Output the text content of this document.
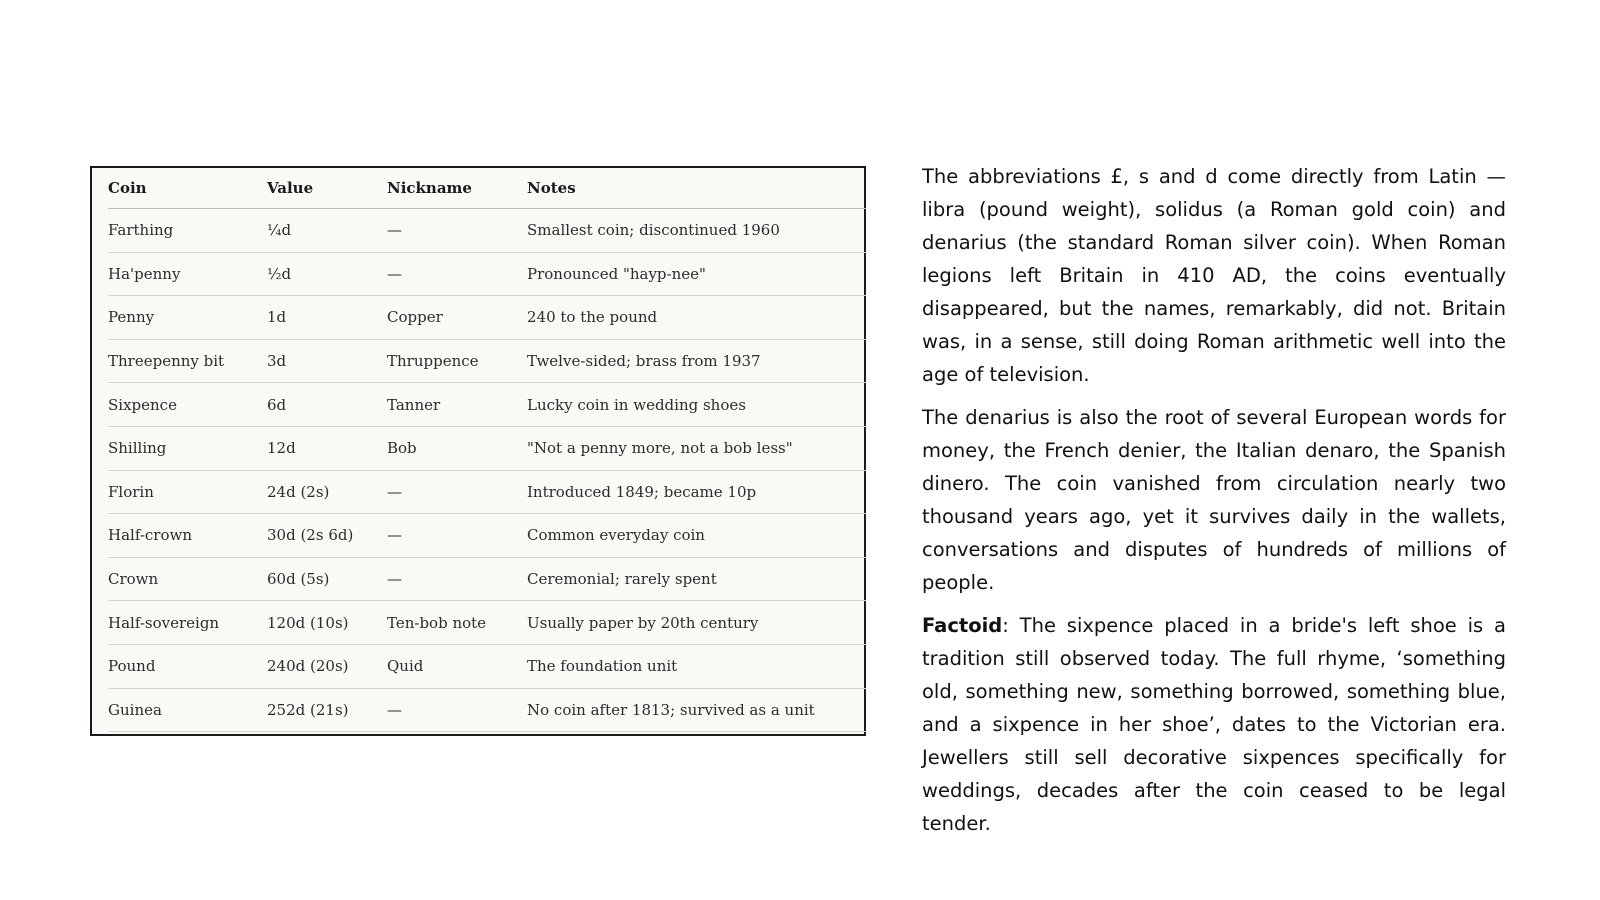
Coin	Value	Nickname	Notes
Farthing	¼d	—	Smallest coin; discontinued 1960
Ha'penny	½d	—	Pronounced "hayp-nee"
Penny	1d	Copper	240 to the pound
Threepenny bit	3d	Thruppence	Twelve-sided; brass from 1937
Sixpence	6d	Tanner	Lucky coin in wedding shoes
Shilling	12d	Bob	"Not a penny more, not a bob less"
Florin	24d (2s)	—	Introduced 1849; became 10p
Half-crown	30d (2s 6d)	—	Common everyday coin
Crown	60d (5s)	—	Ceremonial; rarely spent
Half-sovereign	120d (10s)	Ten-bob note	Usually paper by 20th century
Pound	240d (20s)	Quid	The foundation unit
Guinea	252d (21s)	—	No coin after 1813; survived as a unit

The abbreviations £, s and d come directly from Latin — libra (pound weight), solidus (a Roman gold coin) and denarius (the standard Roman silver coin). When Roman legions left Britain in 410 AD, the coins eventually disappeared, but the names, remarkably, did not. Britain was, in a sense, still doing Roman arithmetic well into the age of television.

The denarius is also the root of several European words for money, the French denier, the Italian denaro, the Spanish dinero. The coin vanished from circulation nearly two thousand years ago, yet it survives daily in the wallets, conversations and disputes of hundreds of millions of people.

Factoid: The sixpence placed in a bride's left shoe is a tradition still observed today. The full rhyme, ‘something old, something new, something borrowed, something blue, and a sixpence in her shoe’, dates to the Victorian era. Jewellers still sell decorative sixpences specifically for weddings, decades after the coin ceased to be legal tender.
